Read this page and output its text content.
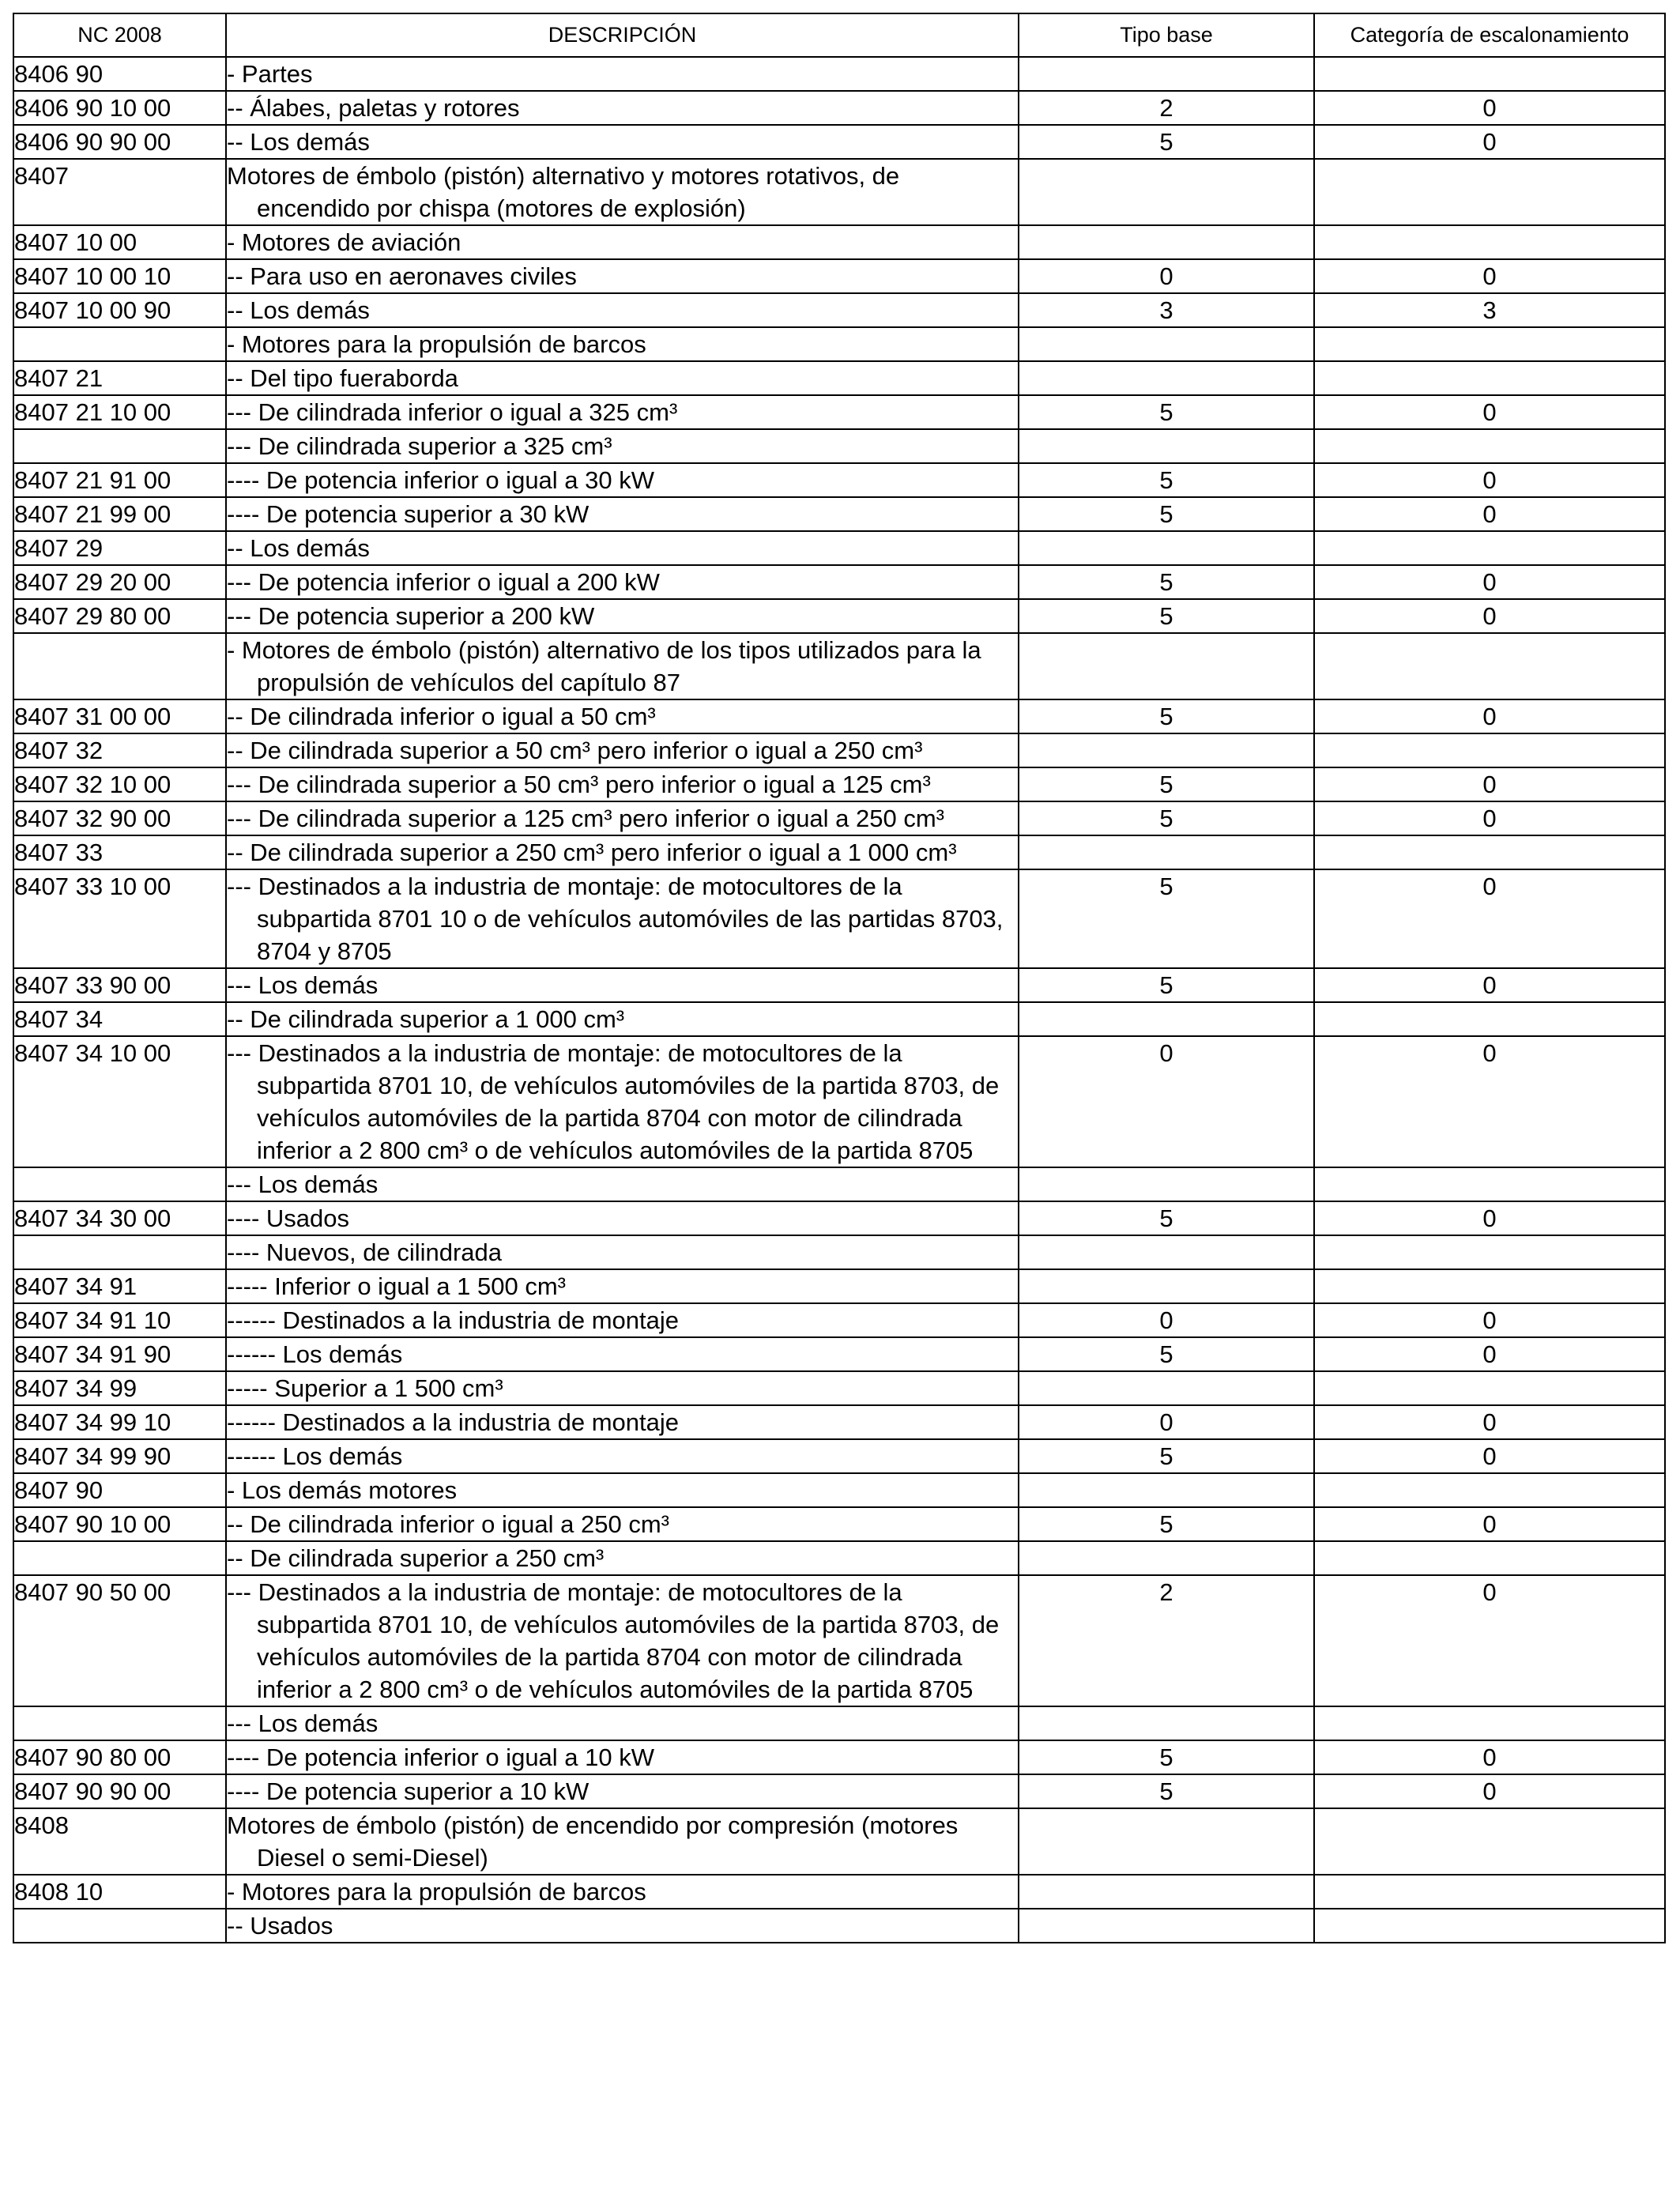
NC 2008	DESCRIPCIÓN	Tipo base	Categoría de escalonamiento
8406 90	- Partes		

8406 90 10 00	-- Álabes, paletas y rotores	2	0
8406 90 90 00	-- Los demás	5	0
8407	Motores de émbolo (pistón) alternativo y motores rotativos, de encendido por chispa (motores de explosión)		

8407 10 00	- Motores de aviación		

8407 10 00 10	-- Para uso en aeronaves civiles	0	0
8407 10 00 90	-- Los demás	3	3

	- Motores para la propulsión de barcos		

8407 21	-- Del tipo fueraborda		

8407 21 10 00	--- De cilindrada inferior o igual a 325 cm³	5	0

	--- De cilindrada superior a 325 cm³		

8407 21 91 00	---- De potencia inferior o igual a 30 kW	5	0
8407 21 99 00	---- De potencia superior a 30 kW	5	0
8407 29	-- Los demás		

8407 29 20 00	--- De potencia inferior o igual a 200 kW	5	0
8407 29 80 00	--- De potencia superior a 200 kW	5	0

	- Motores de émbolo (pistón) alternativo de los tipos utilizados para la propulsión de vehículos del capítulo 87		

8407 31 00 00	-- De cilindrada inferior o igual a 50 cm³	5	0
8407 32	-- De cilindrada superior a 50 cm³ pero inferior o igual a 250 cm³		

8407 32 10 00	--- De cilindrada superior a 50 cm³ pero inferior o igual a 125 cm³	5	0
8407 32 90 00	--- De cilindrada superior a 125 cm³ pero inferior o igual a 250 cm³	5	0
8407 33	-- De cilindrada superior a 250 cm³ pero inferior o igual a 1 000 cm³		

8407 33 10 00	--- Destinados a la industria de montaje: de motocultores de la subpartida 8701 10 o de vehículos automóviles de las partidas 8703, 8704 y 8705	5	0
8407 33 90 00	--- Los demás	5	0
8407 34	-- De cilindrada superior a 1 000 cm³		

8407 34 10 00	--- Destinados a la industria de montaje: de motocultores de la subpartida 8701 10, de vehículos automóviles de la partida 8703, de vehículos automóviles de la partida 8704 con motor de cilindrada inferior a 2 800 cm³ o de vehículos automóviles de la partida 8705	0	0

	--- Los demás		

8407 34 30 00	---- Usados	5	0

	---- Nuevos, de cilindrada		

8407 34 91	----- Inferior o igual a 1 500 cm³		

8407 34 91 10	------ Destinados a la industria de montaje	0	0
8407 34 91 90	------ Los demás	5	0
8407 34 99	----- Superior a 1 500 cm³		

8407 34 99 10	------ Destinados a la industria de montaje	0	0
8407 34 99 90	------ Los demás	5	0
8407 90	- Los demás motores		

8407 90 10 00	-- De cilindrada inferior o igual a 250 cm³	5	0

	-- De cilindrada superior a 250 cm³		

8407 90 50 00	--- Destinados a la industria de montaje: de motocultores de la subpartida 8701 10, de vehículos automóviles de la partida 8703, de vehículos automóviles de la partida 8704 con motor de cilindrada inferior a 2 800 cm³ o de vehículos automóviles de la partida 8705	2	0

	--- Los demás		

8407 90 80 00	---- De potencia inferior o igual a 10 kW	5	0
8407 90 90 00	---- De potencia superior a 10 kW	5	0
8408	Motores de émbolo (pistón) de encendido por compresión (motores Diesel o semi-Diesel)		

8408 10	- Motores para la propulsión de barcos		

	-- Usados		
